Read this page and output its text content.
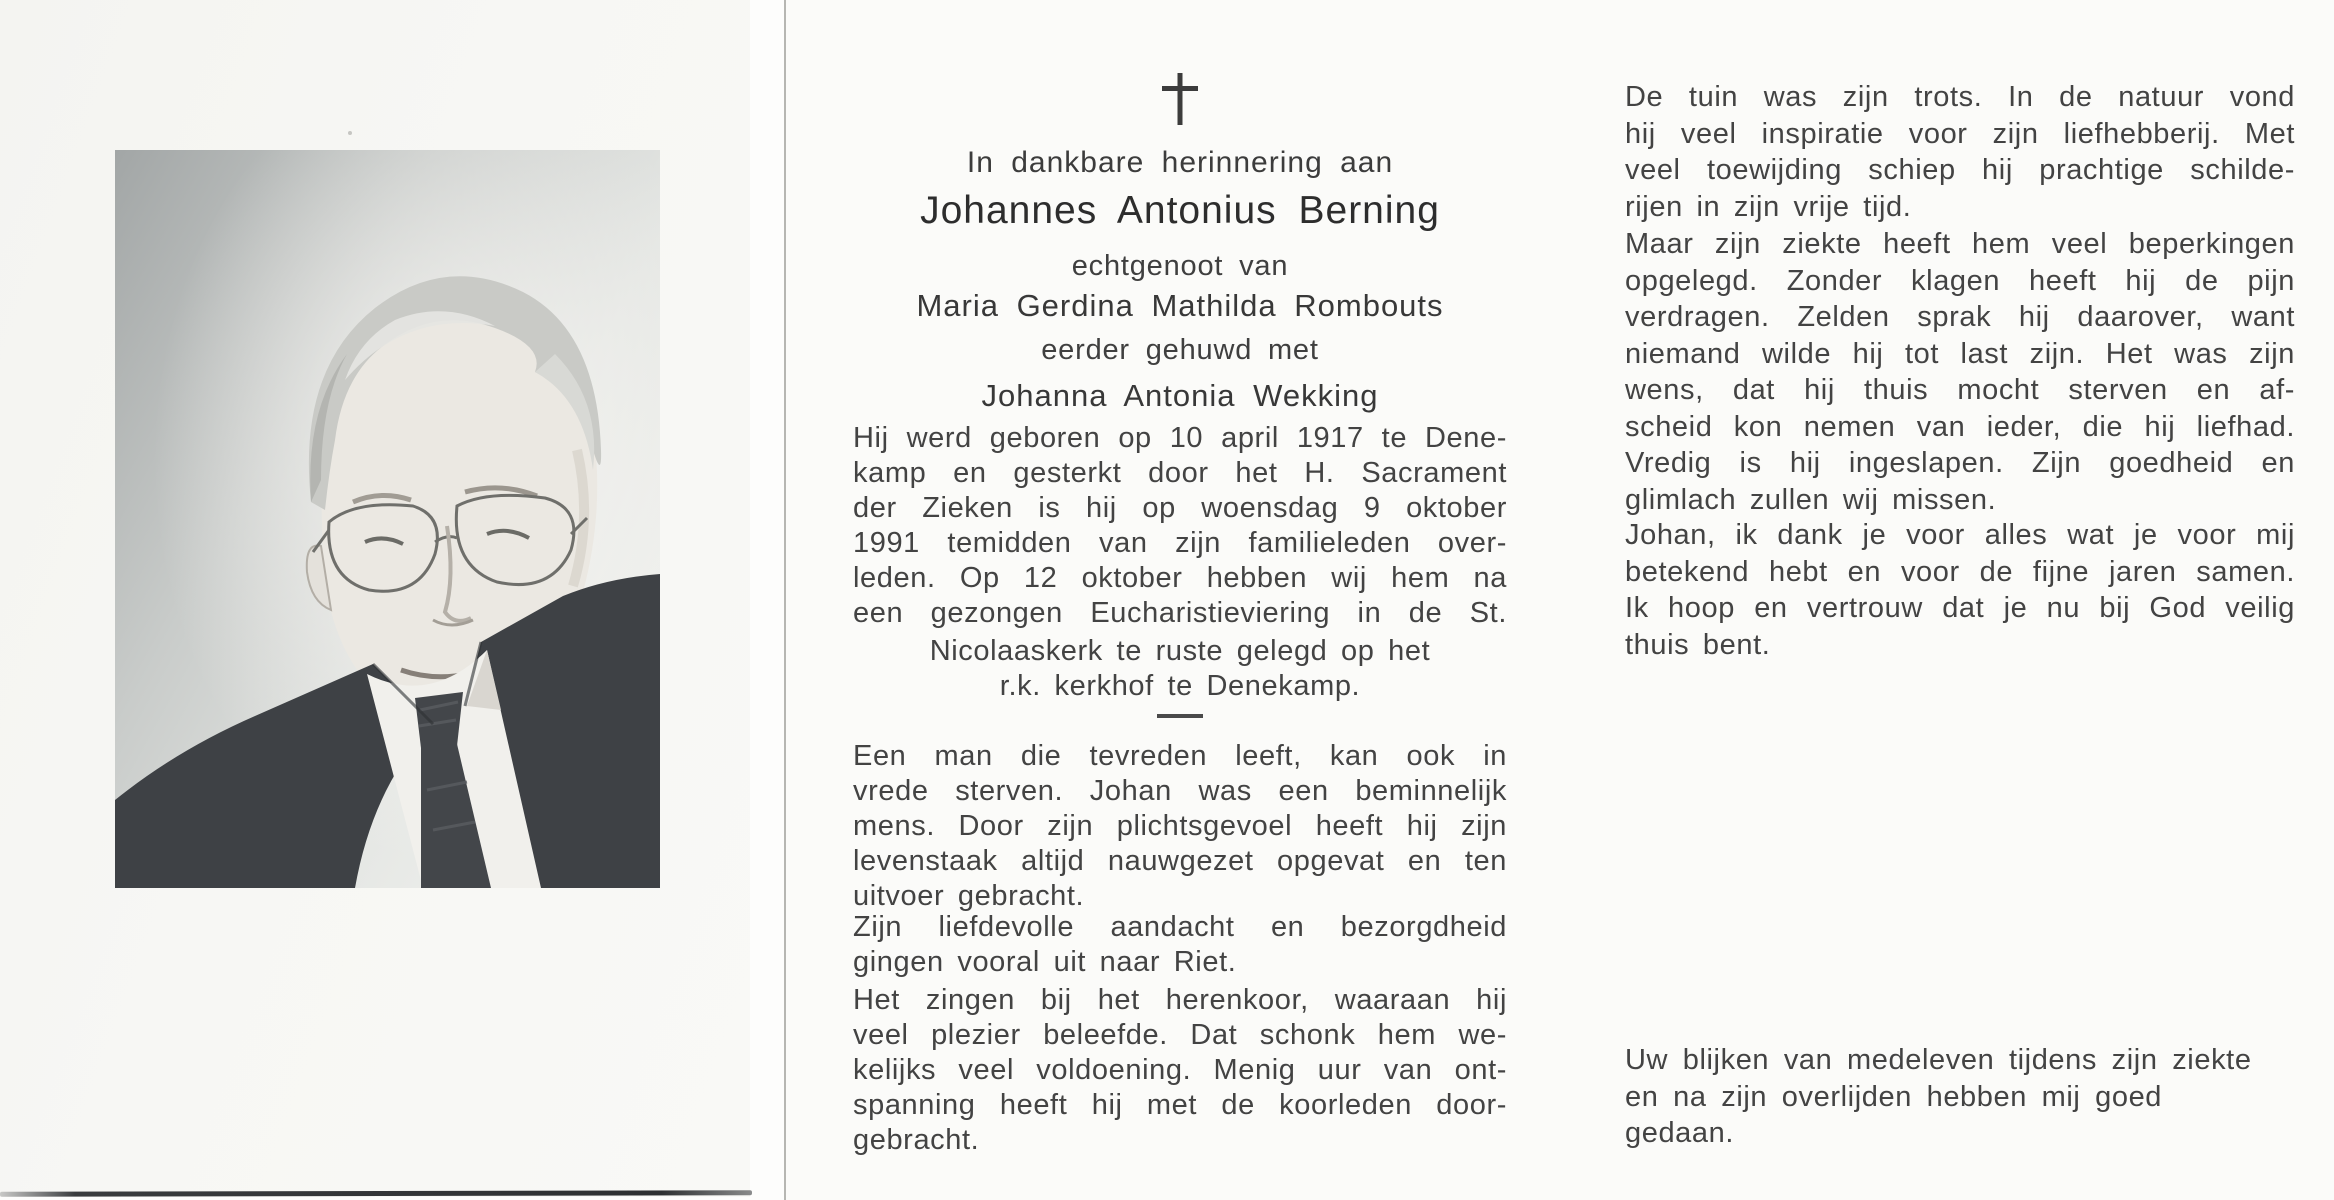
In dankbare herinnering aan
Johannes Antonius Berning
echtgenoot van
Maria Gerdina Mathilda Rombouts
eerder gehuwd met
Johanna Antonia Wekking
Hij werd geboren op 10 april 1917 te Dene-
kamp en gesterkt door het H. Sacrament
der Zieken is hij op woensdag 9 oktober
1991 temidden van zijn familieleden over-
leden. Op 12 oktober hebben wij hem na
een gezongen Eucharistieviering in de St.
Nicolaaskerk te ruste gelegd op het
r.k. kerkhof te Denekamp.
Een man die tevreden leeft, kan ook in
vrede sterven. Johan was een beminnelijk
mens. Door zijn plichtsgevoel heeft hij zijn
levenstaak altijd nauwgezet opgevat en ten
uitvoer gebracht.
Zijn liefdevolle aandacht en bezorgdheid
gingen vooral uit naar Riet.
Het zingen bij het herenkoor, waaraan hij
veel plezier beleefde. Dat schonk hem we-
kelijks veel voldoening. Menig uur van ont-
spanning heeft hij met de koorleden door-
gebracht.
De tuin was zijn trots. In de natuur vond
hij veel inspiratie voor zijn liefhebberij. Met
veel toewijding schiep hij prachtige schilde-
rijen in zijn vrije tijd.
Maar zijn ziekte heeft hem veel beperkingen
opgelegd. Zonder klagen heeft hij de pijn
verdragen. Zelden sprak hij daarover, want
niemand wilde hij tot last zijn. Het was zijn
wens, dat hij thuis mocht sterven en af-
scheid kon nemen van ieder, die hij liefhad.
Vredig is hij ingeslapen. Zijn goedheid en
glimlach zullen wij missen.
Johan, ik dank je voor alles wat je voor mij
betekend hebt en voor de fijne jaren samen.
Ik hoop en vertrouw dat je nu bij God veilig
thuis bent.
Uw blijken van medeleven tijdens zijn ziekte
en na zijn overlijden hebben mij goed
gedaan.
